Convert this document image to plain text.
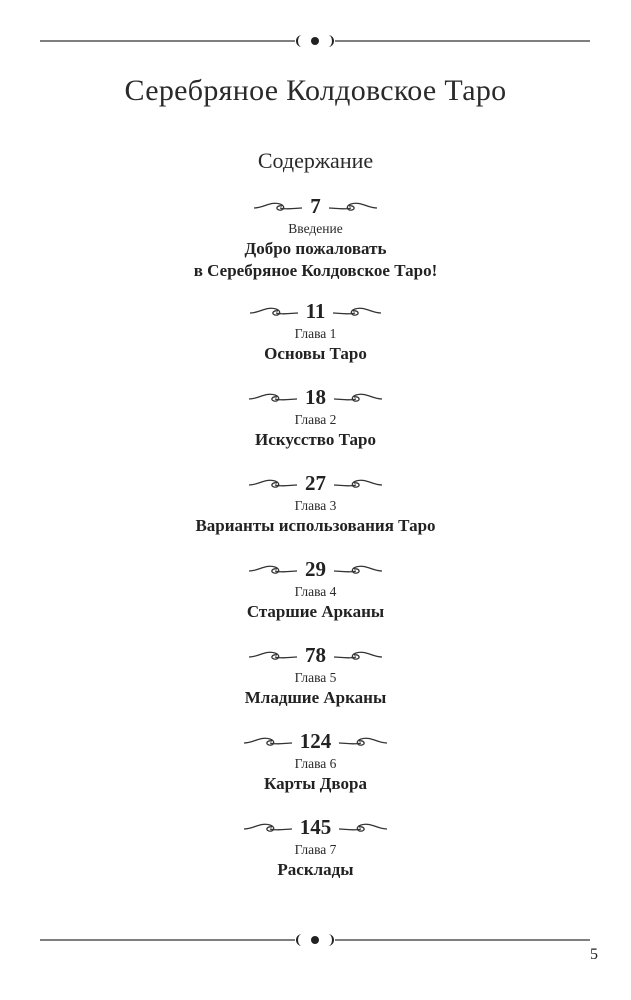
Серебряное Колдовское Таро
Содержание
7
Введение
Добро пожаловать
в Серебряное Колдовское Таро!
11
Глава 1
Основы Таро
18
Глава 2
Искусство Таро
27
Глава 3
Варианты использования Таро
29
Глава 4
Старшие Арканы
78
Глава 5
Младшие Арканы
124
Глава 6
Карты Двора
145
Глава 7
Расклады
5
